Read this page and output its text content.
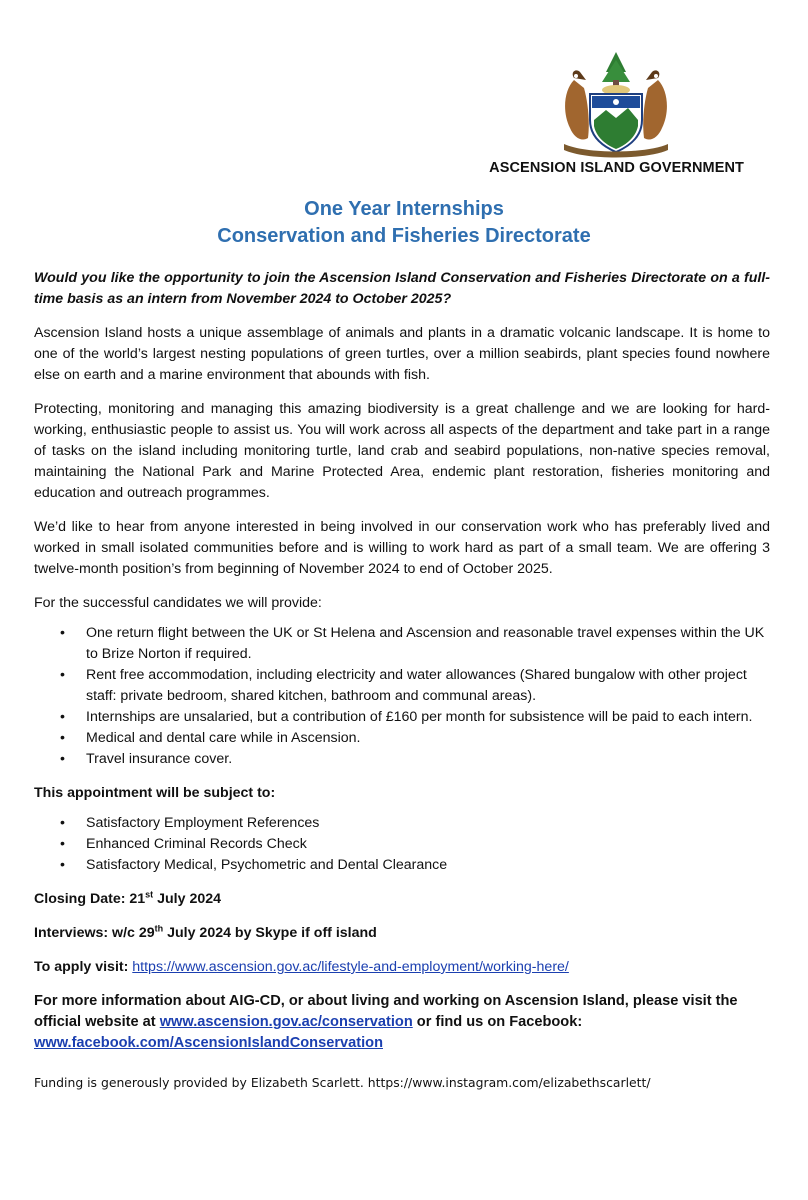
ASCENSION ISLAND GOVERNMENT
One Year Internships
Conservation and Fisheries Directorate

Would you like the opportunity to join the Ascension Island Conservation and Fisheries Directorate on a full-time basis as an intern from November 2024 to October 2025?

Ascension Island hosts a unique assemblage of animals and plants in a dramatic volcanic landscape. It is home to one of the world’s largest nesting populations of green turtles, over a million seabirds, plant species found nowhere else on earth and a marine environment that abounds with fish.

Protecting, monitoring and managing this amazing biodiversity is a great challenge and we are looking for hard-working, enthusiastic people to assist us. You will work across all aspects of the department and take part in a range of tasks on the island including monitoring turtle, land crab and seabird populations, non-native species removal, maintaining the National Park and Marine Protected Area, endemic plant restoration, fisheries monitoring and education and outreach programmes.

We’d like to hear from anyone interested in being involved in our conservation work who has preferably lived and worked in small isolated communities before and is willing to work hard as part of a small team. We are offering 3 twelve-month position’s from beginning of November 2024 to end of October 2025.

For the successful candidates we will provide:

• One return flight between the UK or St Helena and Ascension and reasonable travel expenses within the UK to Brize Norton if required.
• Rent free accommodation, including electricity and water allowances (Shared bungalow with other project staff: private bedroom, shared kitchen, bathroom and communal areas).
• Internships are unsalaried, but a contribution of £160 per month for subsistence will be paid to each intern.
• Medical and dental care while in Ascension.
• Travel insurance cover.

This appointment will be subject to:

• Satisfactory Employment References
• Enhanced Criminal Records Check
• Satisfactory Medical, Psychometric and Dental Clearance

Closing Date: 21st July 2024

Interviews: w/c 29th July 2024 by Skype if off island

To apply visit: https://www.ascension.gov.ac/lifestyle-and-employment/working-here/

For more information about AIG-CD, or about living and working on Ascension Island, please visit the official website at www.ascension.gov.ac/conservation or find us on Facebook: www.facebook.com/AscensionIslandConservation

Funding is generously provided by Elizabeth Scarlett. https://www.instagram.com/elizabethscarlett/
